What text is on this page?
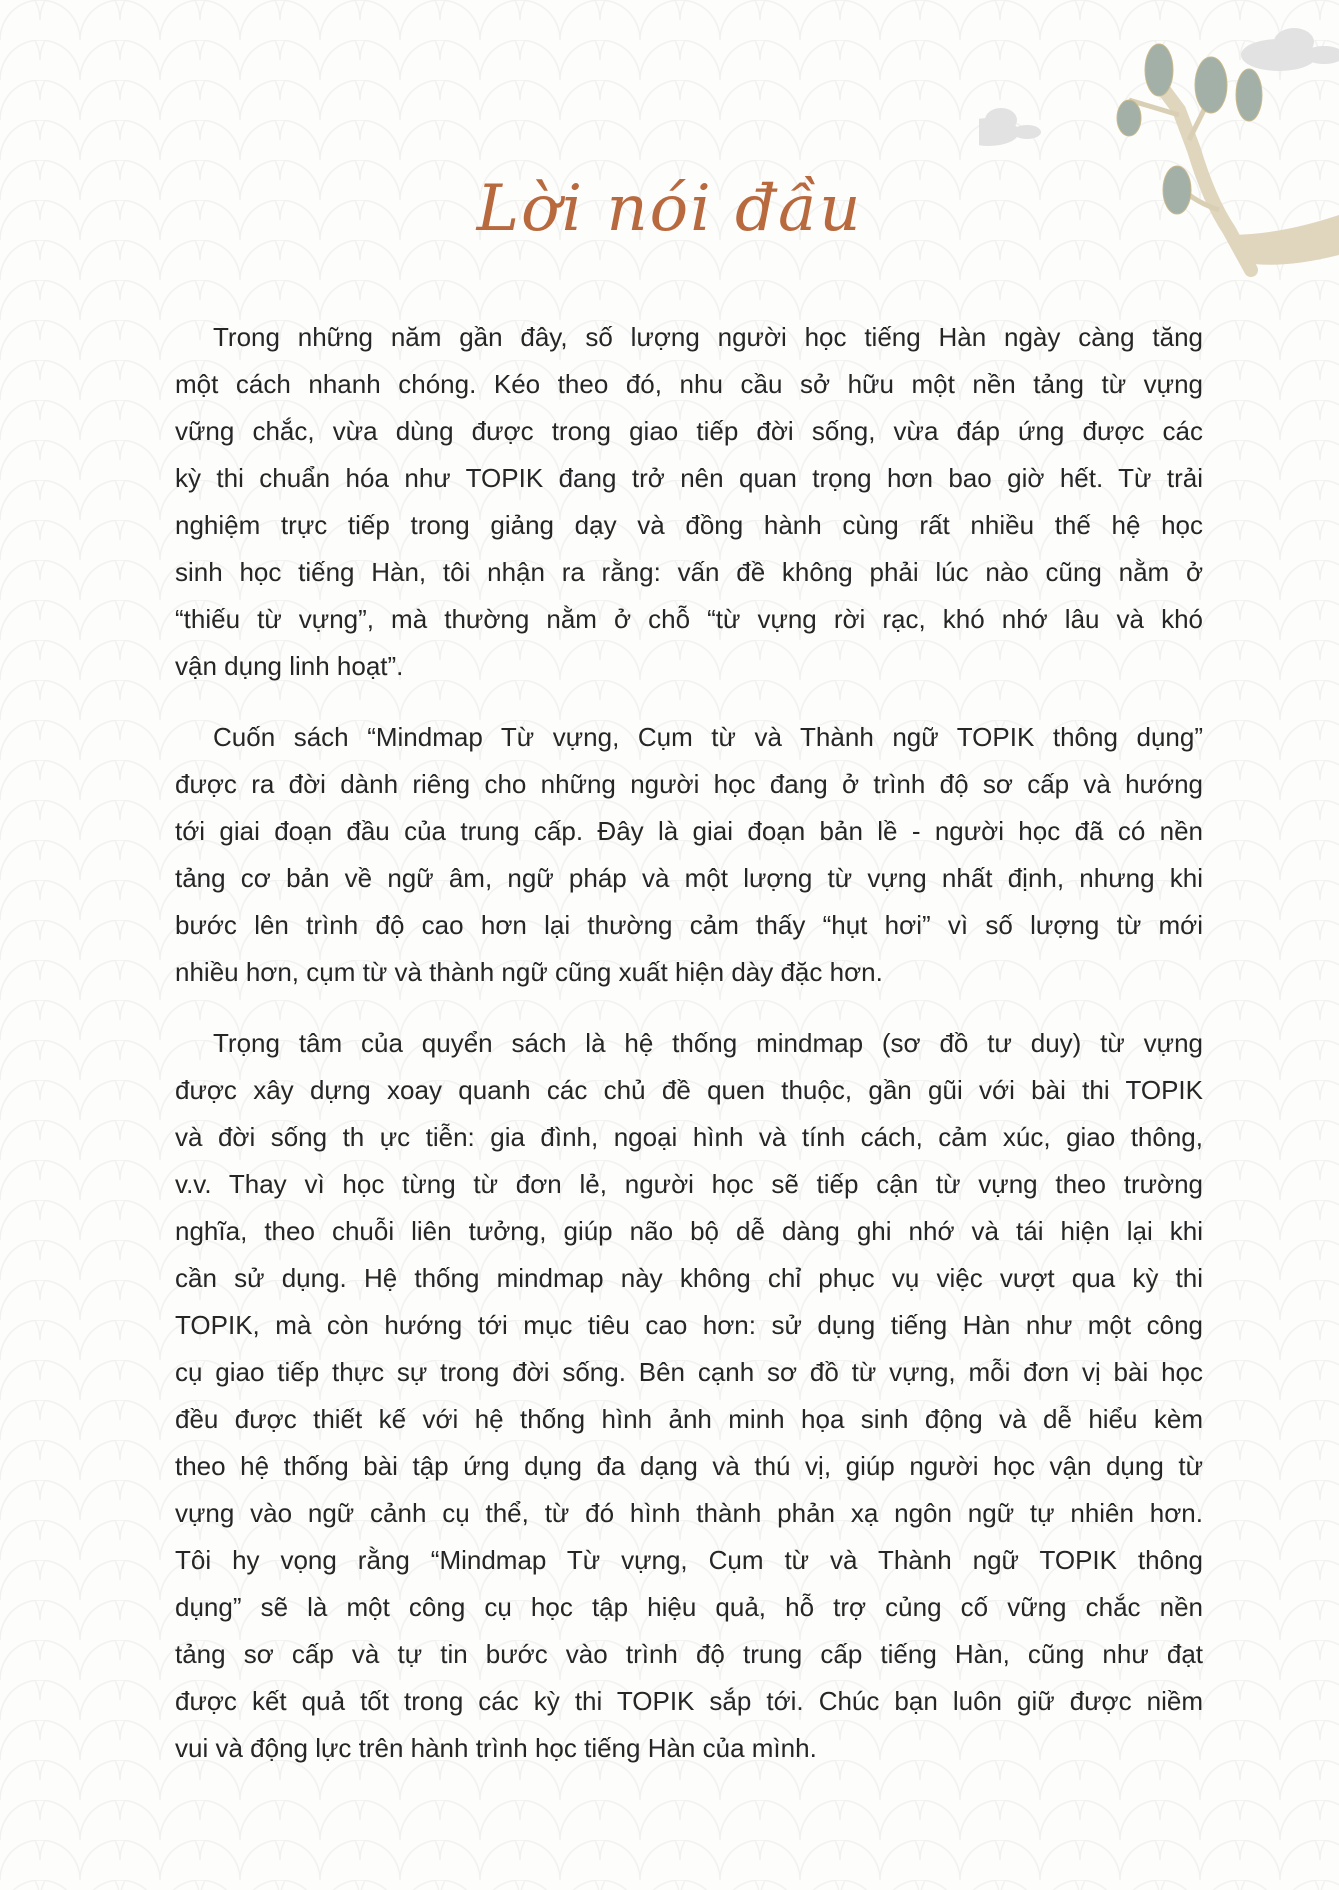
Lời nói đầu
Trong những năm gần đây, số lượng người học tiếng Hàn ngày càng tăng
một cách nhanh chóng. Kéo theo đó, nhu cầu sở hữu một nền tảng từ vựng
vững chắc, vừa dùng được trong giao tiếp đời sống, vừa đáp ứng được các
kỳ thi chuẩn hóa như TOPIK đang trở nên quan trọng hơn bao giờ hết. Từ trải
nghiệm trực tiếp trong giảng dạy và đồng hành cùng rất nhiều thế hệ học
sinh học tiếng Hàn, tôi nhận ra rằng: vấn đề không phải lúc nào cũng nằm ở
“thiếu từ vựng”, mà thường nằm ở chỗ “từ vựng rời rạc, khó nhớ lâu và khó
vận dụng linh hoạt”.
Cuốn sách “Mindmap Từ vựng, Cụm từ và Thành ngữ TOPIK thông dụng”
được ra đời dành riêng cho những người học đang ở trình độ sơ cấp và hướng
tới giai đoạn đầu của trung cấp. Đây là giai đoạn bản lề - người học đã có nền
tảng cơ bản về ngữ âm, ngữ pháp và một lượng từ vựng nhất định, nhưng khi
bước lên trình độ cao hơn lại thường cảm thấy “hụt hơi” vì số lượng từ mới
nhiều hơn, cụm từ và thành ngữ cũng xuất hiện dày đặc hơn.
Trọng tâm của quyển sách là hệ thống mindmap (sơ đồ tư duy) từ vựng
được xây dựng xoay quanh các chủ đề quen thuộc, gần gũi với bài thi TOPIK
và đời sống th ực tiễn: gia đình, ngoại hình và tính cách, cảm xúc, giao thông,
v.v. Thay vì học từng từ đơn lẻ, người học sẽ tiếp cận từ vựng theo trường
nghĩa, theo chuỗi liên tưởng, giúp não bộ dễ dàng ghi nhớ và tái hiện lại khi
cần sử dụng. Hệ thống mindmap này không chỉ phục vụ việc vượt qua kỳ thi
TOPIK, mà còn hướng tới mục tiêu cao hơn: sử dụng tiếng Hàn như một công
cụ giao tiếp thực sự trong đời sống. Bên cạnh sơ đồ từ vựng, mỗi đơn vị bài học
đều được thiết kế với hệ thống hình ảnh minh họa sinh động và dễ hiểu kèm
theo hệ thống bài tập ứng dụng đa dạng và thú vị, giúp người học vận dụng từ
vựng vào ngữ cảnh cụ thể, từ đó hình thành phản xạ ngôn ngữ tự nhiên hơn.
Tôi hy vọng rằng “Mindmap Từ vựng, Cụm từ và Thành ngữ TOPIK thông
dụng” sẽ là một công cụ học tập hiệu quả, hỗ trợ củng cố vững chắc nền
tảng sơ cấp và tự tin bước vào trình độ trung cấp tiếng Hàn, cũng như đạt
được kết quả tốt trong các kỳ thi TOPIK sắp tới. Chúc bạn luôn giữ được niềm
vui và động lực trên hành trình học tiếng Hàn của mình.
